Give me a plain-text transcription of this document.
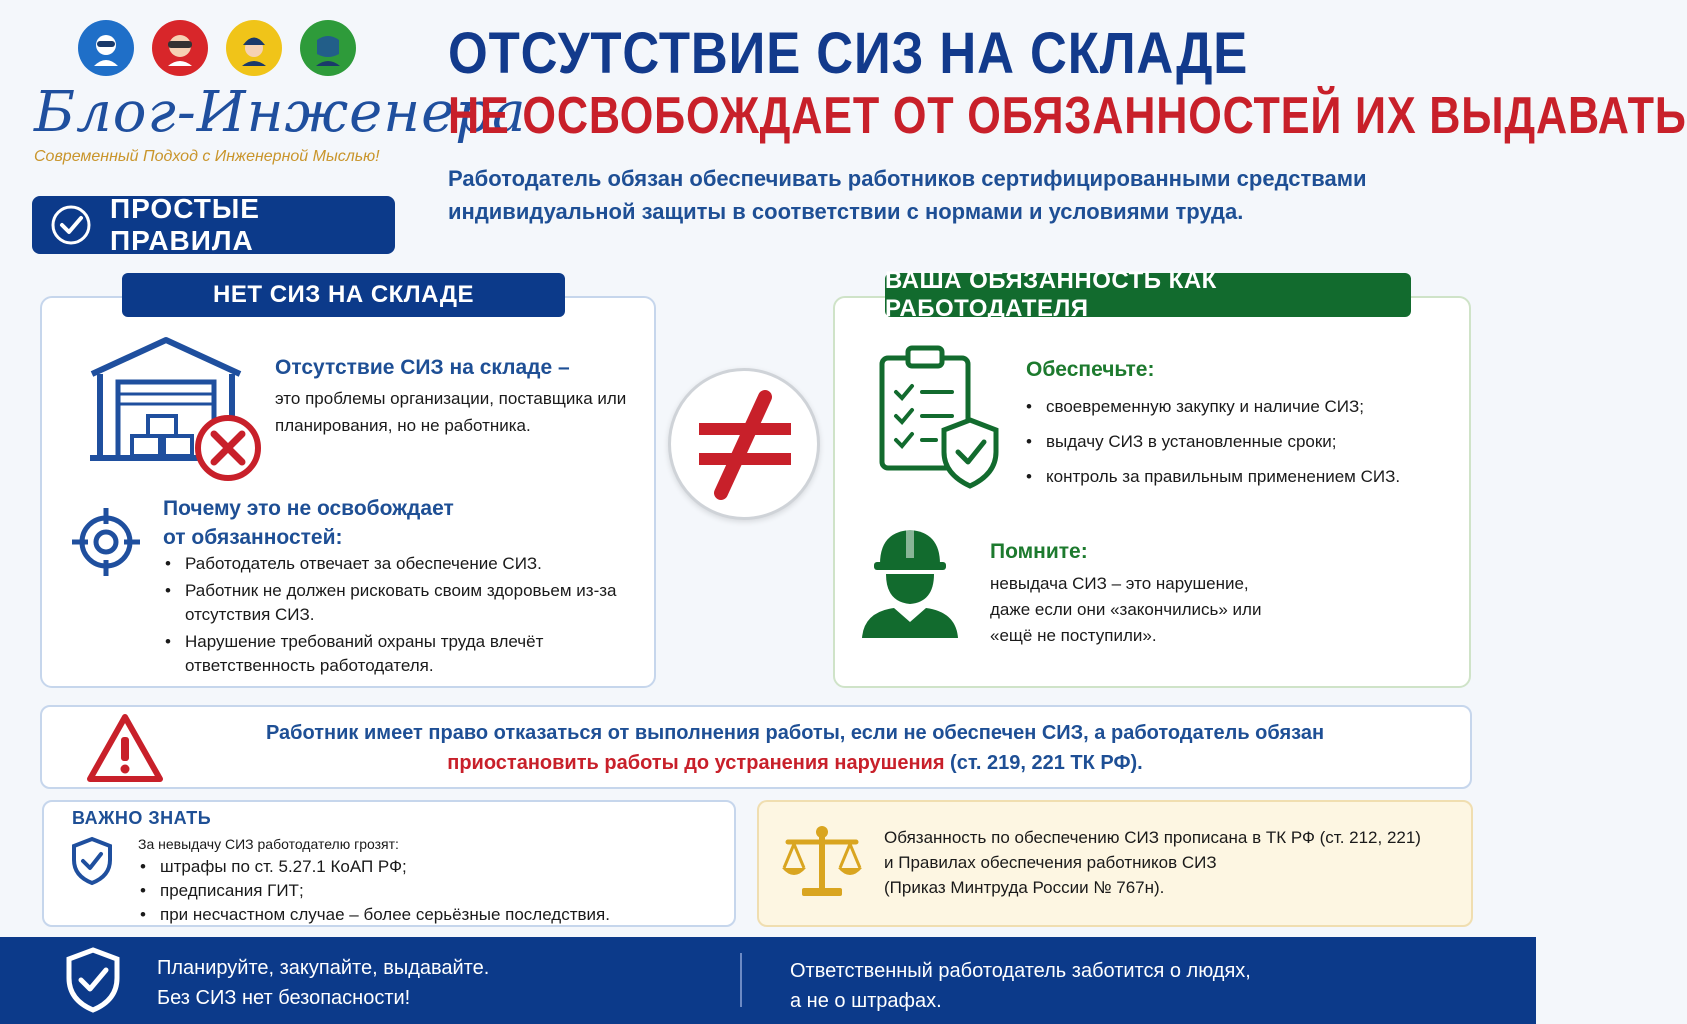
Блог-Инженера
Современный Подход с Инженерной Мыслью!
ПРОСТЫЕ ПРАВИЛА
ОТСУТСТВИЕ СИЗ НА СКЛАДЕ
НЕ ОСВОБОЖДАЕТ ОТ ОБЯЗАННОСТЕЙ ИХ ВЫДАВАТЬ
Работодатель обязан обеспечивать работников сертифицированными средствами индивидуальной защиты в соответствии с нормами и условиями труда.
НЕТ СИЗ НА СКЛАДЕ
Отсутствие СИЗ на складе –
это проблемы организации, поставщика или планирования, но не работника.
Почему это не освобождает
от обязанностей:
• Работодатель отвечает за обеспечение СИЗ.
• Работник не должен рисковать своим здоровьем из-за отсутствия СИЗ.
• Нарушение требований охраны труда влечёт ответственность работодателя.
ВАША ОБЯЗАННОСТЬ КАК РАБОТОДАТЕЛЯ
Обеспечьте:
• своевременную закупку и наличие СИЗ;
• выдачу СИЗ в установленные сроки;
• контроль за правильным применением СИЗ.
Помните:
невыдача СИЗ – это нарушение,
даже если они «закончились» или
«ещё не поступили».
Работник имеет право отказаться от выполнения работы, если не обеспечен СИЗ, а работодатель обязан
приостановить работы до устранения нарушения (ст. 219, 221 ТК РФ).
ВАЖНО ЗНАТЬ
За невыдачу СИЗ работодателю грозят:
• штрафы по ст. 5.27.1 КоАП РФ;
• предписания ГИТ;
• при несчастном случае – более серьёзные последствия.
Обязанность по обеспечению СИЗ прописана в ТК РФ (ст. 212, 221)
и Правилах обеспечения работников СИЗ
(Приказ Минтруда России № 767н).
Планируйте, закупайте, выдавайте.
Без СИЗ нет безопасности!
Ответственный работодатель заботится о людях,
а не о штрафах.
